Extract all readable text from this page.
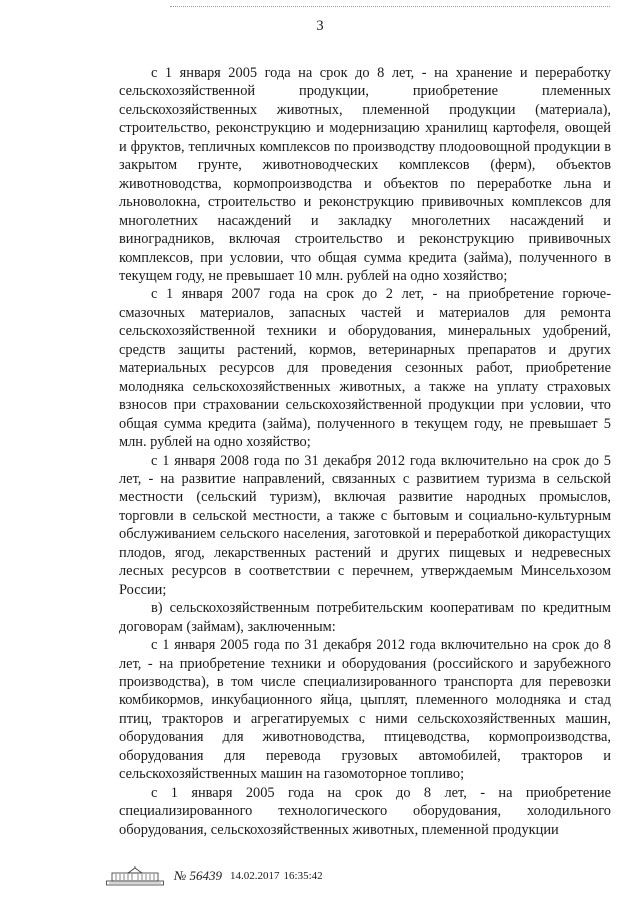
3

с 1 января 2005 года на срок до 8 лет, - на хранение и переработку сельскохозяйственной продукции, приобретение племенных сельскохозяйственных животных, племенной продукции (материала), строительство, реконструкцию и модернизацию хранилищ картофеля, овощей и фруктов, тепличных комплексов по производству плодоовощной продукции в закрытом грунте, животноводческих комплексов (ферм), объектов животноводства, кормопроизводства и объектов по переработке льна и льноволокна, строительство и реконструкцию прививочных комплексов для многолетних насаждений и закладку многолетних насаждений и виноградников, включая строительство и реконструкцию прививочных комплексов, при условии, что общая сумма кредита (займа), полученного в текущем году, не превышает 10 млн. рублей на одно хозяйство;

с 1 января 2007 года на срок до 2 лет, - на приобретение горюче-смазочных материалов, запасных частей и материалов для ремонта сельскохозяйственной техники и оборудования, минеральных удобрений, средств защиты растений, кормов, ветеринарных препаратов и других материальных ресурсов для проведения сезонных работ, приобретение молодняка сельскохозяйственных животных, а также на уплату страховых взносов при страховании сельскохозяйственной продукции при условии, что общая сумма кредита (займа), полученного в текущем году, не превышает 5 млн. рублей на одно хозяйство;

с 1 января 2008 года по 31 декабря 2012 года включительно на срок до 5 лет, - на развитие направлений, связанных с развитием туризма в сельской местности (сельский туризм), включая развитие народных промыслов, торговли в сельской местности, а также с бытовым и социально-культурным обслуживанием сельского населения, заготовкой и переработкой дикорастущих плодов, ягод, лекарственных растений и других пищевых и недревесных лесных ресурсов в соответствии с перечнем, утверждаемым Минсельхозом России;

в) сельскохозяйственным потребительским кооперативам по кредитным договорам (займам), заключенным:

с 1 января 2005 года по 31 декабря 2012 года включительно на срок до 8 лет, - на приобретение техники и оборудования (российского и зарубежного производства), в том числе специализированного транспорта для перевозки комбикормов, инкубационного яйца, цыплят, племенного молодняка и стад птиц, тракторов и агрегатируемых с ними сельскохозяйственных машин, оборудования для животноводства, птицеводства, кормопроизводства, оборудования для перевода грузовых автомобилей, тракторов и сельскохозяйственных машин на газомоторное топливо;

с 1 января 2005 года на срок до 8 лет, - на приобретение специализированного технологического оборудования, холодильного оборудования, сельскохозяйственных животных, племенной продукции

№ 56439 14.02.2017 16:35:42
